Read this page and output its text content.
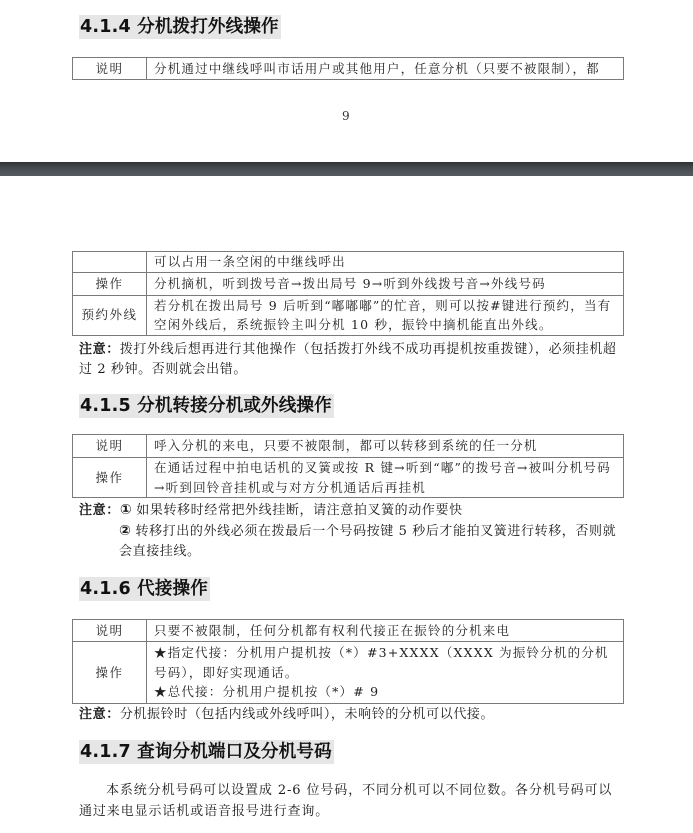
4.1.4 分机拨打外线操作
说明	分机通过中继线呼叫市话用户或其他用户，任意分机（只要不被限制），都
9
	可以占用一条空闲的中继线呼出
操作	分机摘机，听到拨号音→拨出局号 9→听到外线拨号音→外线号码
预约外线	若分机在拨出局号 9 后听到“嘟嘟嘟”的忙音，则可以按#键进行预约，当有空闲外线后，系统振铃主叫分机 10 秒，振铃中摘机能直出外线。
注意：拨打外线后想再进行其他操作（包括拨打外线不成功再提机按重拨键），必须挂机超过 2 秒钟。否则就会出错。
4.1.5 分机转接分机或外线操作
说明	呼入分机的来电，只要不被限制，都可以转移到系统的任一分机
操作	在通话过程中拍电话机的叉簧或按 R 键→听到“嘟”的拨号音→被叫分机号码→听到回铃音挂机或与对方分机通话后再挂机
注意：① 如果转移时经常把外线挂断，请注意拍叉簧的动作要快
② 转移打出的外线必须在拨最后一个号码按键 5 秒后才能拍叉簧进行转移，否则就会直接挂线。
4.1.6 代接操作
说明	只要不被限制，任何分机都有权利代接正在振铃的分机来电
操作	★指定代接：分机用户提机按（*）#3+XXXX（XXXX 为振铃分机的分机号码），即好实现通话。
★总代接：分机用户提机按（*）# 9
注意：分机振铃时（包括内线或外线呼叫），未响铃的分机可以代接。
4.1.7 查询分机端口及分机号码
本系统分机号码可以设置成 2-6 位号码，不同分机可以不同位数。各分机号码可以通过来电显示话机或语音报号进行查询。
